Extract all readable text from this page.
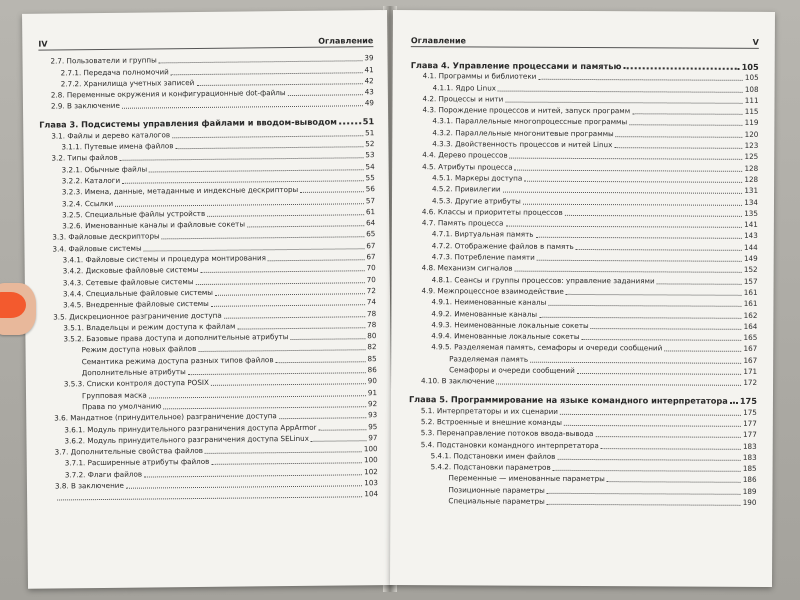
IV	Оглавление
2.7. Пользователи и группы	39
2.7.1. Передача полномочий	41
2.7.2. Хранилища учетных записей	42
2.8. Переменные окружения и конфигурационные dot-файлы	43
2.9. В заключение	49
Глава 3. Подсистемы управления файлами и вводом-выводом	51
3.1. Файлы и дерево каталогов	51
3.1.1. Путевые имена файлов	52
3.2. Типы файлов	53
3.2.1. Обычные файлы	54
3.2.2. Каталоги	55
3.2.3. Имена, данные, метаданные и индексные дескрипторы	56
3.2.4. Ссылки	57
3.2.5. Специальные файлы устройств	61
3.2.6. Именованные каналы и файловые сокеты	64
3.3. Файловые дескрипторы	65
3.4. Файловые системы	67
3.4.1. Файловые системы и процедура монтирования	67
3.4.2. Дисковые файловые системы	70
3.4.3. Сетевые файловые системы	70
3.4.4. Специальные файловые системы	72
3.4.5. Внедренные файловые системы	74
3.5. Дискреционное разграничение доступа	78
3.5.1. Владельцы и режим доступа к файлам	78
3.5.2. Базовые права доступа и дополнительные атрибуты	80
Режим доступа новых файлов	82
Семантика режима доступа разных типов файлов	85
Дополнительные атрибуты	86
3.5.3. Списки контроля доступа POSIX	90
Групповая маска	91
Права по умолчанию	92
3.6. Мандатное (принудительное) разграничение доступа	93
3.6.1. Модуль принудительного разграничения доступа AppArmor	95
3.6.2. Модуль принудительного разграничения доступа SELinux	97
3.7. Дополнительные свойства файлов	100
3.7.1. Расширенные атрибуты файлов	100
3.7.2. Флаги файлов	102
3.8. В заключение	103
104
Оглавление	V
Глава 4. Управление процессами и памятью	105
4.1. Программы и библиотеки	105
4.1.1. Ядро Linux	108
4.2. Процессы и нити	111
4.3. Порождение процессов и нитей, запуск программ	115
4.3.1. Параллельные многопроцессные программы	119
4.3.2. Параллельные многонитевые программы	120
4.3.3. Двойственность процессов и нитей Linux	123
4.4. Дерево процессов	125
4.5. Атрибуты процесса	128
4.5.1. Маркеры доступа	128
4.5.2. Привилегии	131
4.5.3. Другие атрибуты	134
4.6. Классы и приоритеты процессов	135
4.7. Память процесса	141
4.7.1. Виртуальная память	143
4.7.2. Отображение файлов в память	144
4.7.3. Потребление памяти	149
4.8. Механизм сигналов	152
4.8.1. Сеансы и группы процессов: управление заданиями	157
4.9. Межпроцессное взаимодействие	161
4.9.1. Неименованные каналы	161
4.9.2. Именованные каналы	162
4.9.3. Неименованные локальные сокеты	164
4.9.4. Именованные локальные сокеты	165
4.9.5. Разделяемая память, семафоры и очереди сообщений	167
Разделяемая память	167
Семафоры и очереди сообщений	171
4.10. В заключение	172
Глава 5. Программирование на языке командного интерпретатора 175
5.1. Интерпретаторы и их сценарии	175
5.2. Встроенные и внешние команды	177
5.3. Перенаправление потоков ввода-вывода	177
5.4. Подстановки командного интерпретатора	183
5.4.1. Подстановки имен файлов	183
5.4.2. Подстановки параметров	185
Переменные — именованные параметры	186
Позиционные параметры	189
Специальные параметры	190
